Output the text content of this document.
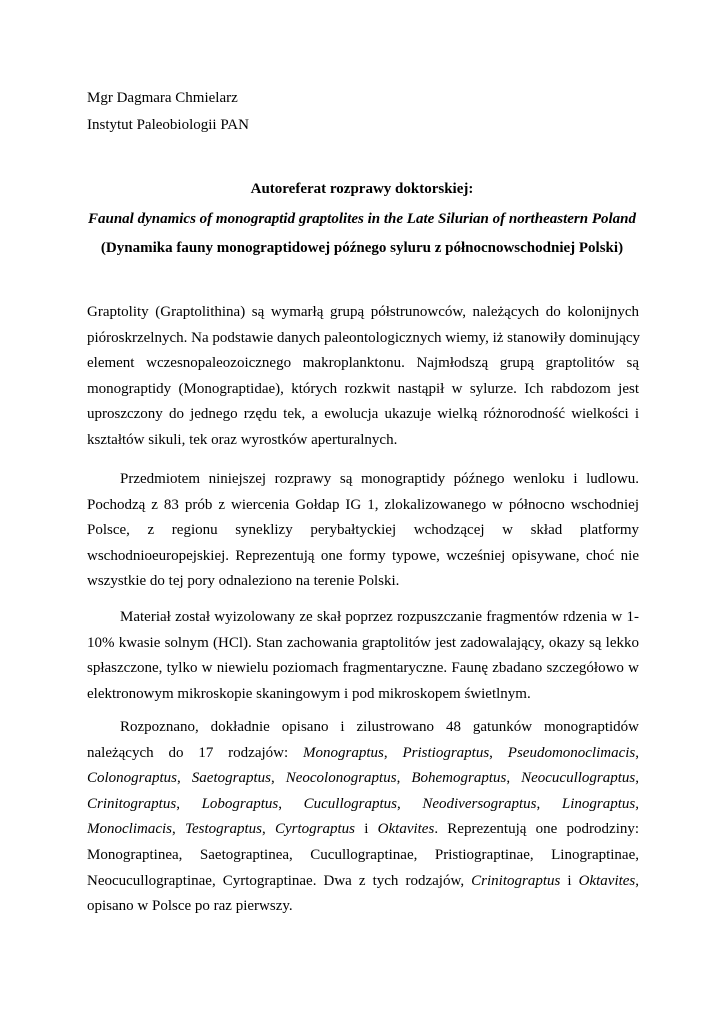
Mgr Dagmara Chmielarz
Instytut Paleobiologii PAN
Autoreferat rozprawy doktorskiej:
Faunal dynamics of monograptid graptolites in the Late Silurian of northeastern Poland
(Dynamika fauny monograptidowej późnego syluru z północnowschodniej Polski)
Graptolity (Graptolithina) są wymarłą grupą półstrunowców, należących do kolonijnych
pióroskrzelnych. Na podstawie danych paleontologicznych wiemy, iż stanowiły dominujący
element wczesnopaleozoicznego makroplanktonu. Najmłodszą grupą graptolitów są
monograptidy (Monograptidae), których rozkwit nastąpił w sylurze. Ich rabdozom jest
uproszczony do jednego rzędu tek, a ewolucja ukazuje wielką różnorodność wielkości i
kształtów sikuli, tek oraz wyrostków aperturalnych.
Przedmiotem niniejszej rozprawy są monograptidy późnego wenloku i ludlowu.
Pochodzą z 83 prób z wiercenia Gołdap IG 1, zlokalizowanego w północno wschodniej
Polsce, z regionu syneklizy perybałtyckiej wchodzącej w skład platformy
wschodnioeuropejskiej. Reprezentują one formy typowe, wcześniej opisywane, choć nie
wszystkie do tej pory odnaleziono na terenie Polski.
Materiał został wyizolowany ze skał poprzez rozpuszczanie fragmentów rdzenia w 1-
10% kwasie solnym (HCl). Stan zachowania graptolitów jest zadowalający, okazy są lekko
spłaszczone, tylko w niewielu poziomach fragmentaryczne. Faunę zbadano szczegółowo w
elektronowym mikroskopie skaningowym i pod mikroskopem świetlnym.
Rozpoznano, dokładnie opisano i zilustrowano 48 gatunków monograptidów
należących do 17 rodzajów: Monograptus, Pristiograptus, Pseudomonoclimacis,
Colonograptus, Saetograptus, Neocolonograptus, Bohemograptus, Neocucullograptus,
Crinitograptus, Lobograptus, Cucullograptus, Neodiversograptus, Linograptus,
Monoclimacis, Testograptus, Cyrtograptus i Oktavites. Reprezentują one podrodziny:
Monograptinea, Saetograptinea, Cucullograptinae, Pristiograptinae, Linograptinae,
Neocucullograptinae, Cyrtograptinae. Dwa z tych rodzajów, Crinitograptus i Oktavites,
opisano w Polsce po raz pierwszy.
